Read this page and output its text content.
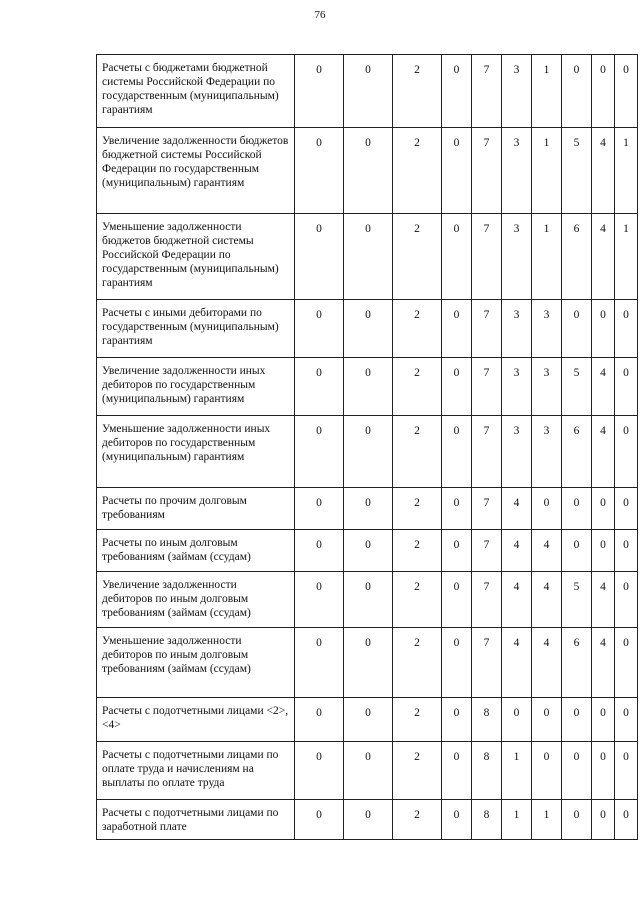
76
Расчеты с бюджетами бюджетной системы Российской Федерации по государственным (муниципальным) гарантиям	0	0	2	0	7	3	1	0	0	0
Увеличение задолженности бюджетов бюджетной системы Российской Федерации по государственным (муниципальным) гарантиям	0	0	2	0	7	3	1	5	4	1
Уменьшение задолженности бюджетов бюджетной системы Российской Федерации по государственным (муниципальным) гарантиям	0	0	2	0	7	3	1	6	4	1
Расчеты с иными дебиторами по государственным (муниципальным) гарантиям	0	0	2	0	7	3	3	0	0	0
Увеличение задолженности иных дебиторов по государственным (муниципальным) гарантиям	0	0	2	0	7	3	3	5	4	0
Уменьшение задолженности иных дебиторов по государственным (муниципальным) гарантиям	0	0	2	0	7	3	3	6	4	0
Расчеты по прочим долговым требованиям	0	0	2	0	7	4	0	0	0	0
Расчеты по иным долговым требованиям (займам (ссудам)	0	0	2	0	7	4	4	0	0	0
Увеличение задолженности дебиторов по иным долговым требованиям (займам (ссудам)	0	0	2	0	7	4	4	5	4	0
Уменьшение задолженности дебиторов по иным долговым требованиям (займам (ссудам)	0	0	2	0	7	4	4	6	4	0
Расчеты с подотчетными лицами <2>, <4>	0	0	2	0	8	0	0	0	0	0
Расчеты с подотчетными лицами по оплате труда и начислениям на выплаты по оплате труда	0	0	2	0	8	1	0	0	0	0
Расчеты с подотчетными лицами по заработной плате	0	0	2	0	8	1	1	0	0	0
